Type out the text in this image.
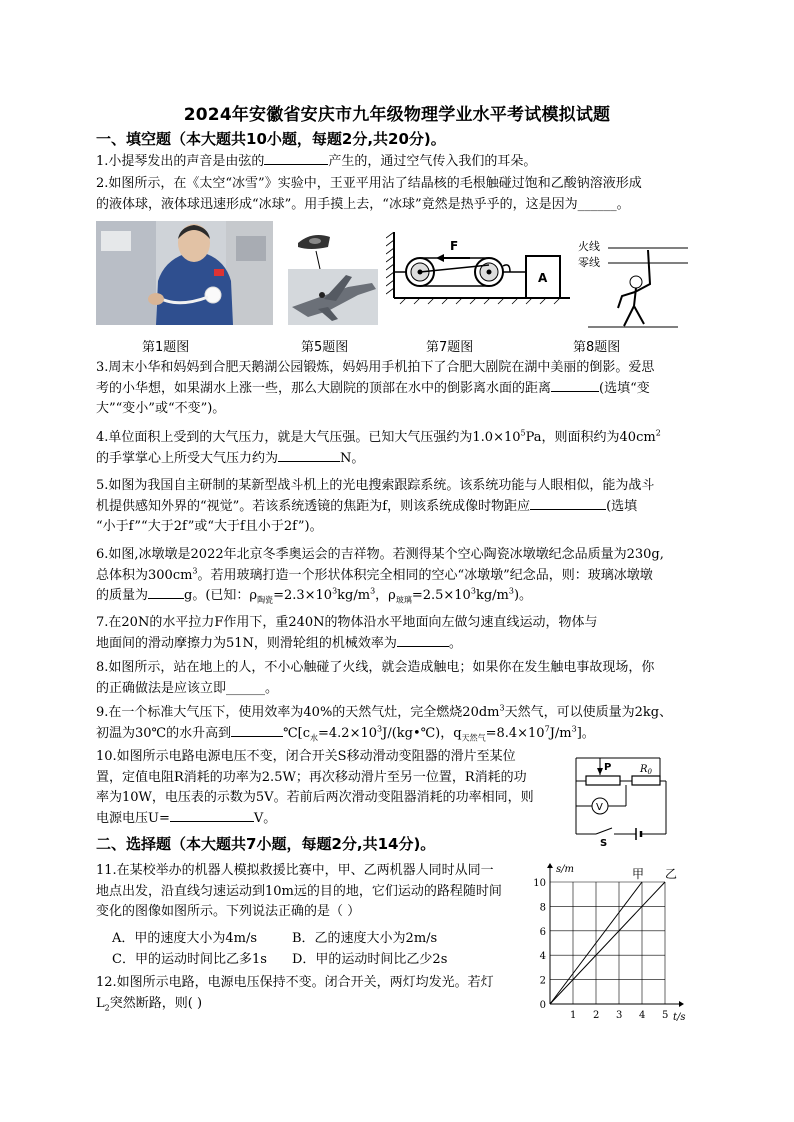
2024年安徽省安庆市九年级物理学业水平考试模拟试题
一、填空题（本大题共10小题，每题2分,共20分)。
1.小提琴发出的声音是由弦的	产生的，通过空气传入我们的耳朵。
2.如图所示，在《太空“冰雪”》实验中，王亚平用沾了结晶核的毛根触碰过饱和乙酸钠溶液形成
的液体球，液体球迅速形成“冰球”。用手摸上去，“冰球”竟然是热乎乎的，这是因为______。
F
A
火线
零线
第1题图	第5题图	第7题图	第8题图
3.周末小华和妈妈到合肥天鹅湖公园锻炼，妈妈用手机拍下了合肥大剧院在湖中美丽的倒影。爱思
考的小华想，如果湖水上涨一些，那么大剧院的顶部在水中的倒影离水面的距离	(选填“变
大”“变小”或“不变”)。
4.单位面积上受到的大气压力，就是大气压强。已知大气压强约为$1.0\times 10^5Pa$，则面积约为$40cm^2$
的手掌掌心上所受大气压力约为	N。
5.如图为我国自主研制的某新型战斗机上的光电搜索跟踪系统。该系统功能与人眼相似，能为战斗
机提供感知外界的“视觉”。若该系统透镜的焦距为f，则该系统成像时物距应	(选填
“小于f”“大于2f”或“大于f且小于2f”)。
6.如图,冰墩墩是2022年北京冬季奥运会的吉祥物。若测得某个空心陶瓷冰墩墩纪念品质量为230g,
总体积为$300cm^3$。若用玻璃打造一个形状体积完全相同的空心“冰墩墩”纪念品，则：玻璃冰墩墩
的质量为	g。(已知：$\rho_{陶瓷}=2.3\times 10^3kg/m^3$，$\rho_{玻璃}=2.5\times 10^3kg/m^3$)。
7.在20N的水平拉力F作用下，重240N的物体沿水平地面向左做匀速直线运动，物体与
地面间的滑动摩擦力为51N，则滑轮组的机械效率为	。
8.如图所示，站在地上的人，不小心触碰了火线，就会造成触电；如果你在发生触电事故现场，你
的正确做法是应该立即______。
9.在一个标准大气压下，使用效率为40%的天然气灶，完全燃烧$20dm^3$天然气，可以使质量为2kg、
初温为30℃的水升高到	$℃[c_水=4.2\times 10^3J/(kg•℃)$，$q_{天然气}=8.4\times 10^7J/m^3$]。
10.如图所示电路电源电压不变，闭合开关S移动滑动变阻器的滑片至某位
置，定值电阻R消耗的功率为2.5W；再次移动滑片至另一位置，R消耗的功
率为10W，电压表的示数为5V。若前后两次滑动变阻器消耗的功率相同，则
电源电压U=	V。
P	$R_0$
V
S
二、选择题（本大题共7小题，每题2分,共14分)。
11.在某校举办的机器人模拟救援比赛中，甲、乙两机器人同时从同一
地点出发，沿直线匀速运动到10m远的目的地，它们运动的路程随时间
变化的图像如图所示。下列说法正确的是（ ）
A．甲的速度大小为4m/s	B．乙的速度大小为2m/s
C．甲的运动时间比乙多1s D．甲的运动时间比乙少2s
12.如图所示电路，电源电压保持不变。闭合开关，两灯均发光。若灯
$L_2$突然断路，则( )
甲 乙
1 2 3 4 5
0
2
4
6
8
10
t/s
s/m
